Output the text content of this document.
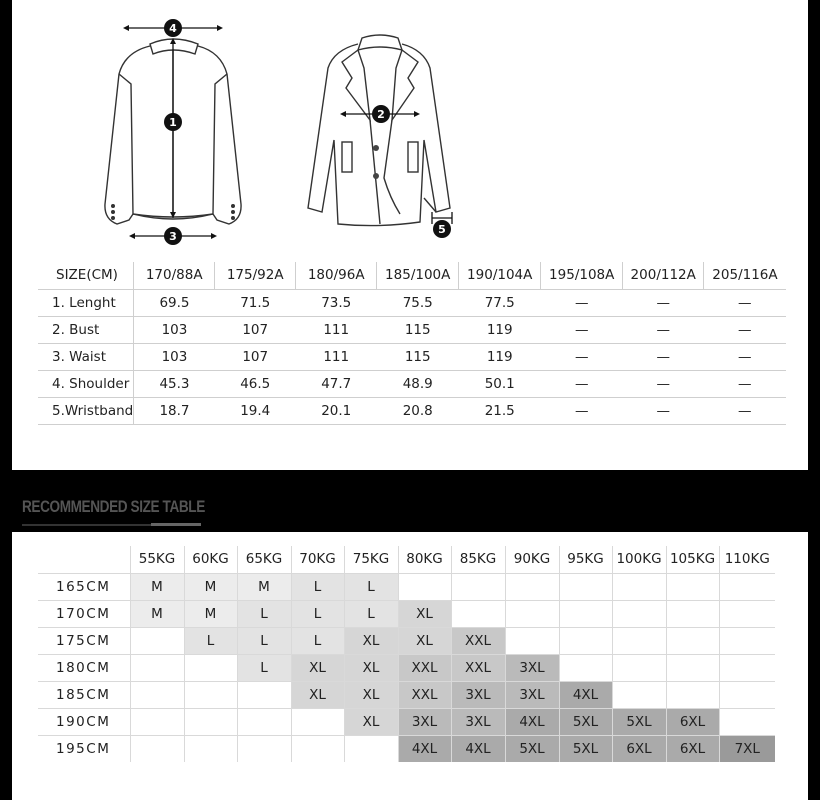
4
1
3
2
5
SIZE(CM)	170/88A	175/92A	180/96A	185/100A	190/104A	195/108A	200/112A	205/116A
1. Lenght	69.5	71.5	73.5	75.5	77.5	—	—	—
2. Bust	103	107	111	115	119	—	—	—
3. Waist	103	107	111	115	119	—	—	—
4. Shoulder	45.3	46.5	47.7	48.9	50.1	—	—	—
5.Wristband	18.7	19.4	20.1	20.8	21.5	—	—	—
RECOMMENDED SIZE TABLE
	55KG	60KG	65KG	70KG	75KG	80KG	85KG	90KG	95KG	100KG	105KG	110KG
165CM	M	M	M	L	L							
170CM	M	M	L	L	L	XL						
175CM		L	L	L	XL	XL	XXL					
180CM			L	XL	XL	XXL	XXL	3XL				
185CM				XL	XL	XXL	3XL	3XL	4XL			
190CM					XL	3XL	3XL	4XL	5XL	5XL	6XL	
195CM						4XL	4XL	5XL	5XL	6XL	6XL	7XL
